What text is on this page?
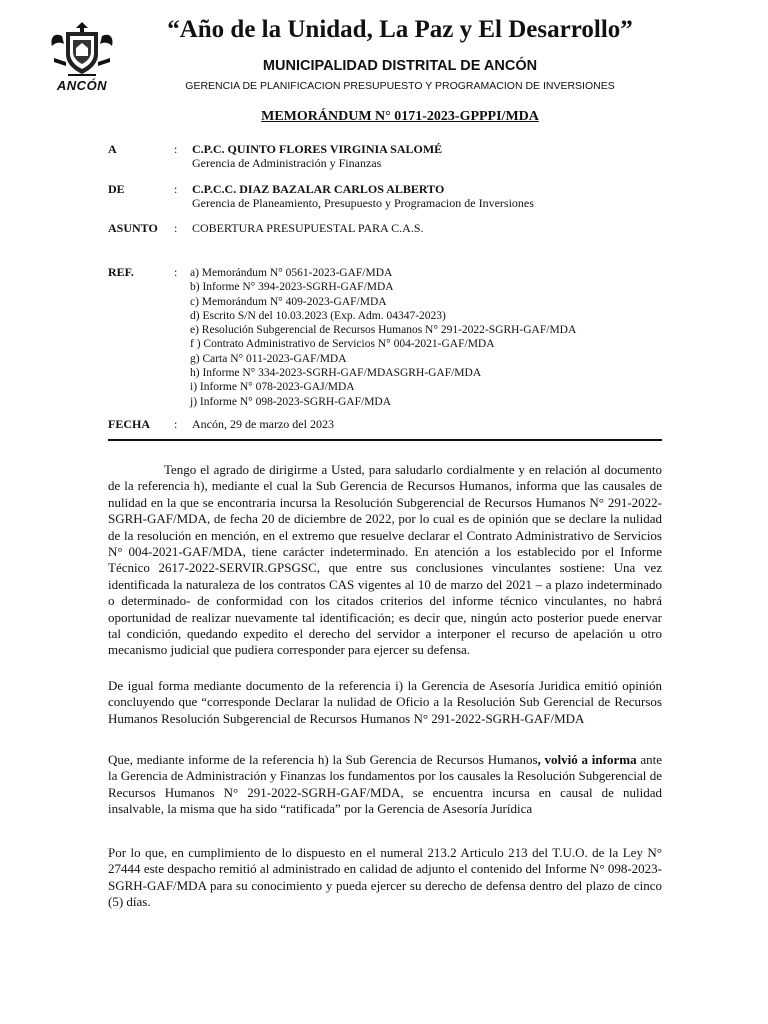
ANCÓN
“Año de la Unidad, La Paz y El Desarrollo”
MUNICIPALIDAD DISTRITAL DE ANCÓN
GERENCIA DE PLANIFICACION PRESUPUESTO Y PROGRAMACION DE INVERSIONES
MEMORÁNDUM N° 0171-2023-GPPPI/MDA
A	: C.P.C. QUINTO FLORES VIRGINIA SALOMÉ
Gerencia de Administración y Finanzas
DE	: C.P.C.C. DIAZ BAZALAR CARLOS ALBERTO
Gerencia de Planeamiento, Presupuesto y Programacion de Inversiones
ASUNTO	: COBERTURA PRESUPUESTAL PARA C.A.S.
REF.	: a) Memorándum N° 0561-2023-GAF/MDA
b) Informe N° 394-2023-SGRH-GAF/MDA
c) Memorándum N° 409-2023-GAF/MDA
d) Escrito S/N del 10.03.2023 (Exp. Adm. 04347-2023)
e) Resolución Subgerencial de Recursos Humanos N° 291-2022-SGRH-GAF/MDA
f ) Contrato Administrativo de Servicios N° 004-2021-GAF/MDA
g) Carta N° 011-2023-GAF/MDA
h) Informe N° 334-2023-SGRH-GAF/MDASGRH-GAF/MDA
i) Informe N° 078-2023-GAJ/MDA
j) Informe N° 098-2023-SGRH-GAF/MDA
FECHA	: Ancón, 29 de marzo del 2023

Tengo el agrado de dirigirme a Usted, para saludarlo cordialmente y en relación al documento de la referencia h), mediante el cual la Sub Gerencia de Recursos Humanos, informa que las causales de nulidad en la que se encontraria incursa la Resolución Subgerencial de Recursos Humanos N° 291-2022-SGRH-GAF/MDA, de fecha 20 de diciembre de 2022, por lo cual es de opinión que se declare la nulidad de la resolución en mención, en el extremo que resuelve declarar el Contrato Administrativo de Servicios N° 004-2021-GAF/MDA, tiene carácter indeterminado. En atención a los establecido por el Informe Técnico 2617-2022-SERVIR.GPSGSC, que entre sus conclusiones vinculantes sostiene: Una vez identificada la naturaleza de los contratos CAS vigentes al 10 de marzo del 2021 – a plazo indeterminado o determinado- de conformidad con los citados criterios del informe técnico vinculantes, no habrá oportunidad de realizar nuevamente tal identificación; es decir que, ningún acto posterior puede enervar tal condición, quedando expedito el derecho del servidor a interponer el recurso de apelación u otro mecanismo judicial que pudiera corresponder para ejercer su defensa.

De igual forma mediante documento de la referencia i) la Gerencia de Asesoría Juridica emitió opinión concluyendo que “corresponde Declarar la nulidad de Oficio a la Resolución Sub Gerencial de Recursos Humanos Resolución Subgerencial de Recursos Humanos N° 291-2022-SGRH-GAF/MDA

Que, mediante informe de la referencia h) la Sub Gerencia de Recursos Humanos, volvió a informa ante la Gerencia de Administración y Finanzas los fundamentos por los causales la Resolución Subgerencial de Recursos Humanos N° 291-2022-SGRH-GAF/MDA, se encuentra incursa en causal de nulidad insalvable, la misma que ha sido “ratificada” por la Gerencia de Asesoría Jurídica

Por lo que, en cumplimiento de lo dispuesto en el numeral 213.2 Articulo 213 del T.U.O. de la Ley N° 27444 este despacho remitió al administrado en calidad de adjunto el contenido del Informe N° 098-2023-SGRH-GAF/MDA para su conocimiento y pueda ejercer su derecho de defensa dentro del plazo de cinco (5) días.
